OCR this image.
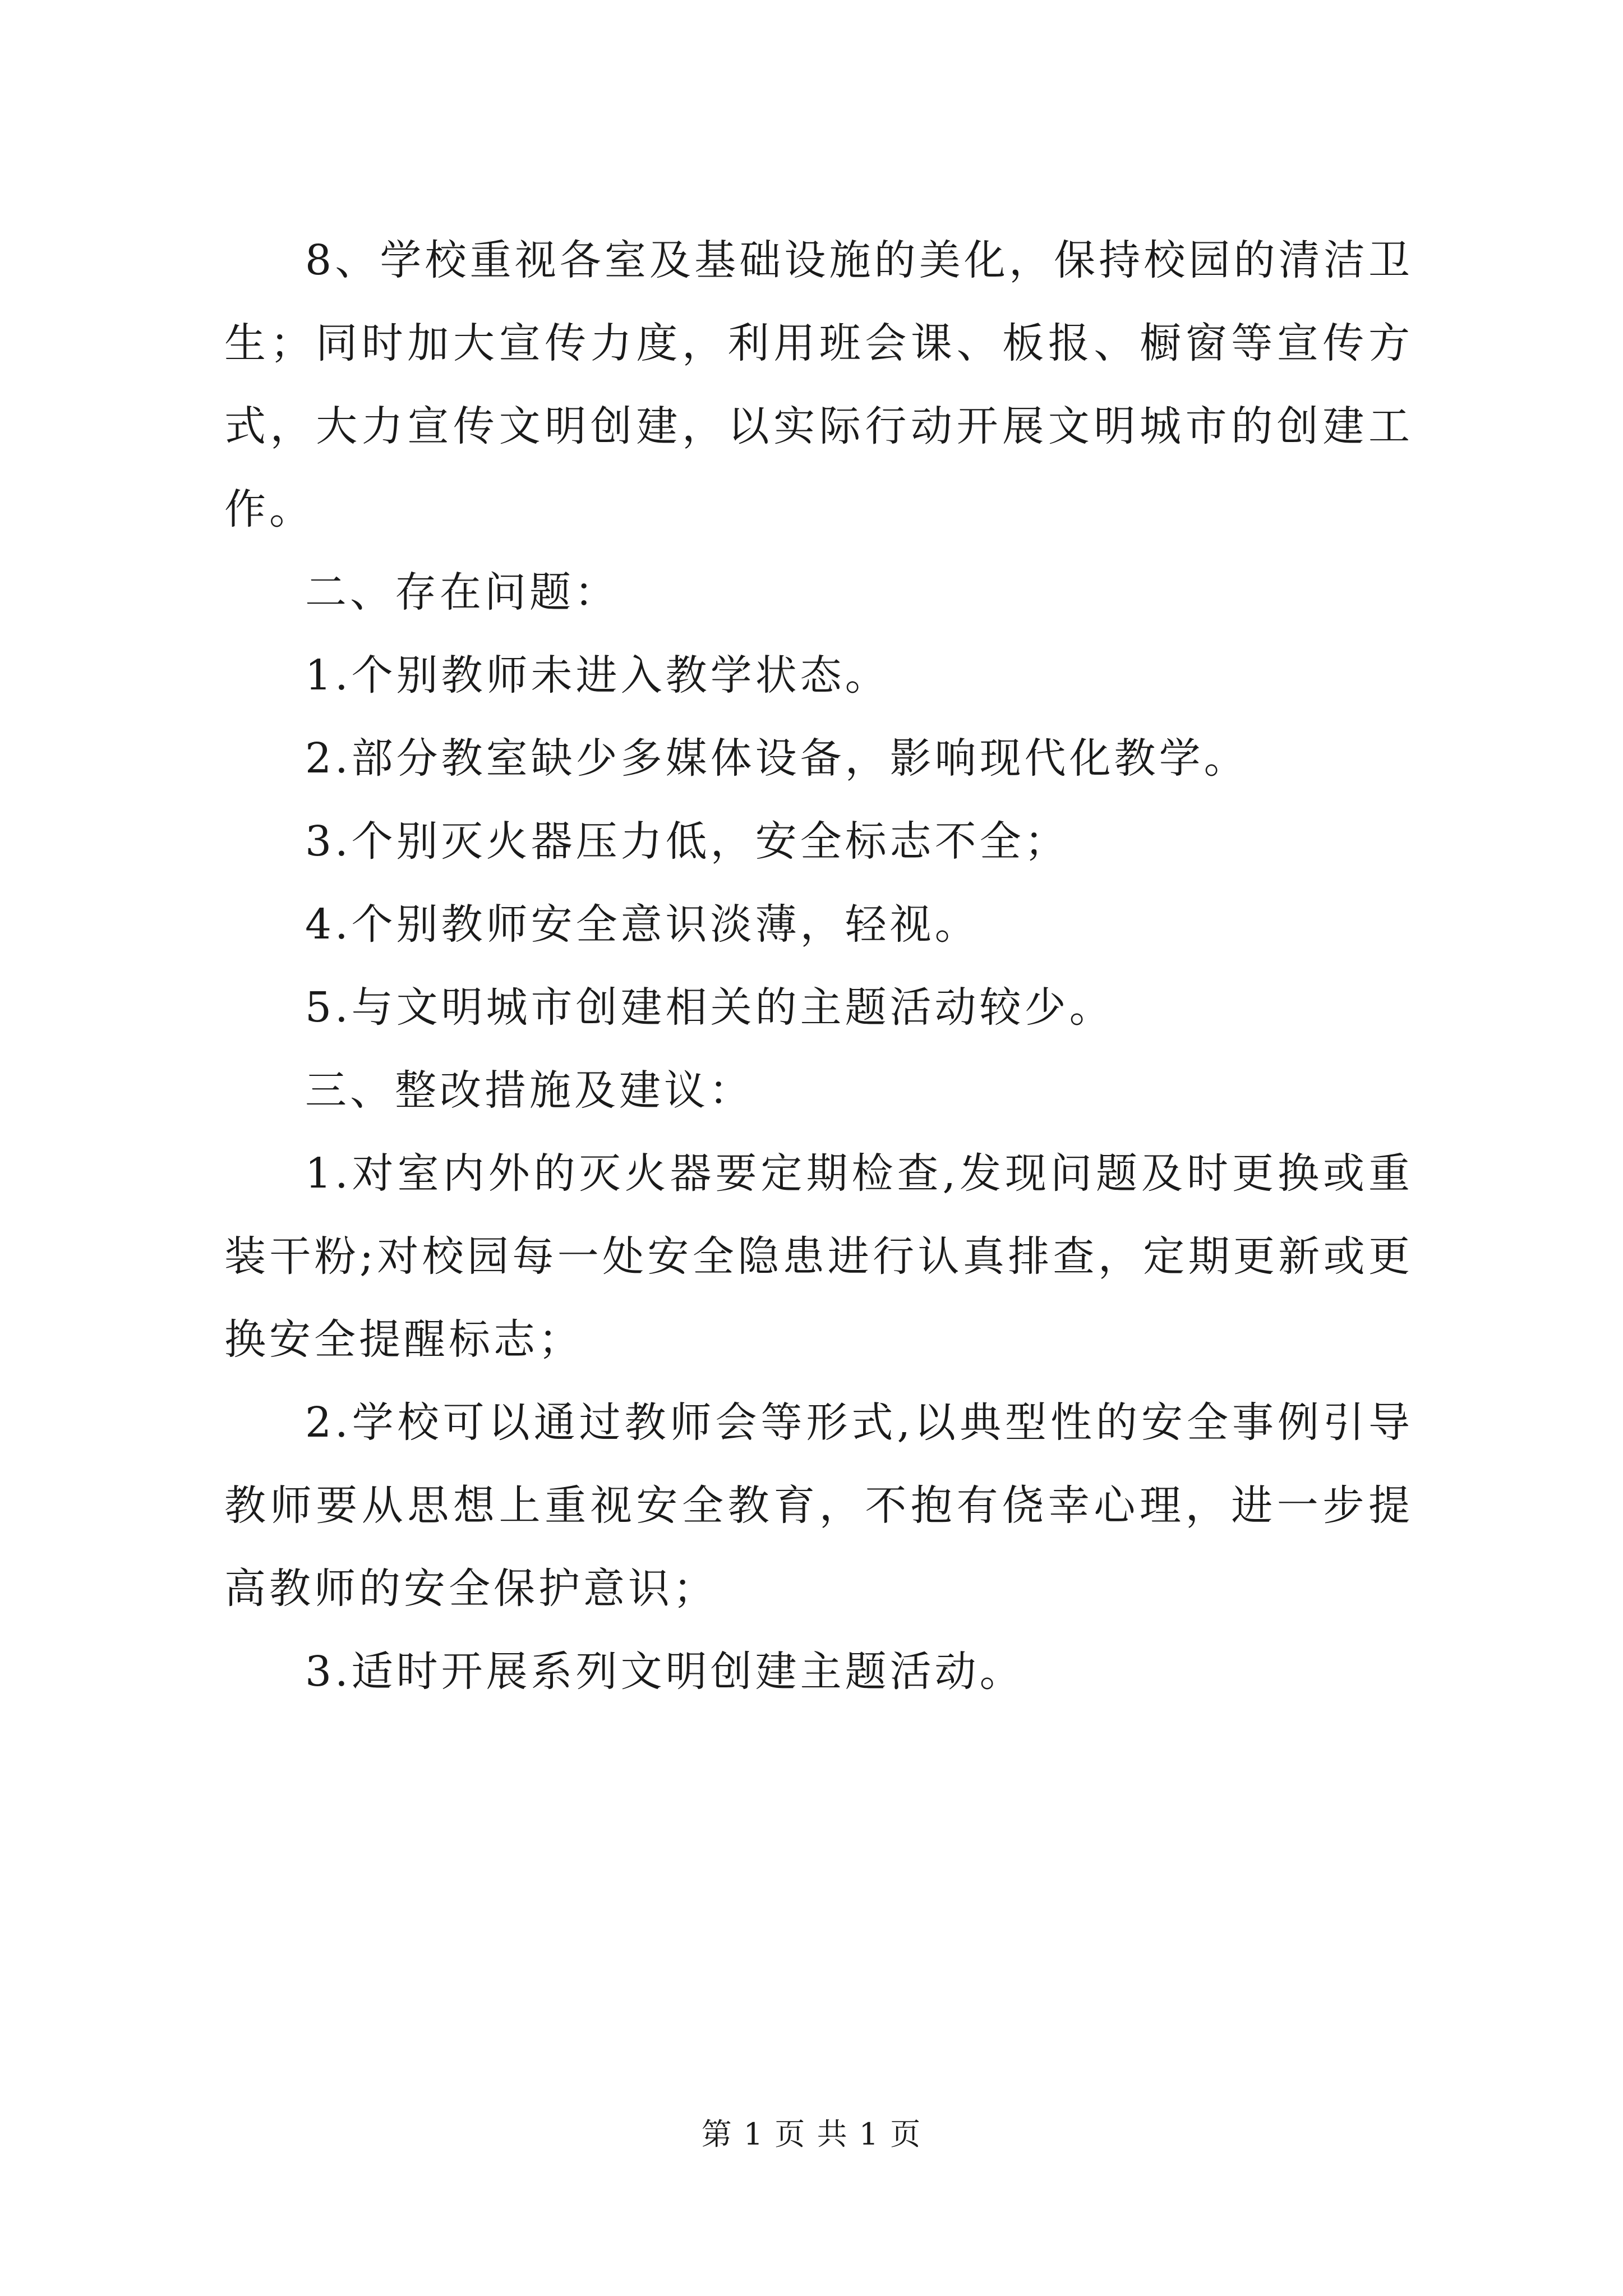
8、学校重视各室及基础设施的美化，保持校园的清洁卫生；同时加大宣传力度，利用班会课、板报、橱窗等宣传方式，大力宣传文明创建，以实际行动开展文明城市的创建工作。

二、存在问题：

1.个别教师未进入教学状态。

2.部分教室缺少多媒体设备，影响现代化教学。

3.个别灭火器压力低，安全标志不全；

4.个别教师安全意识淡薄，轻视。

5.与文明城市创建相关的主题活动较少。

三、整改措施及建议：

1.对室内外的灭火器要定期检查,发现问题及时更换或重装干粉;对校园每一处安全隐患进行认真排查，定期更新或更换安全提醒标志；

2.学校可以通过教师会等形式,以典型性的安全事例引导教师要从思想上重视安全教育，不抱有侥幸心理，进一步提高教师的安全保护意识；

3.适时开展系列文明创建主题活动。

第 1 页 共 1 页
